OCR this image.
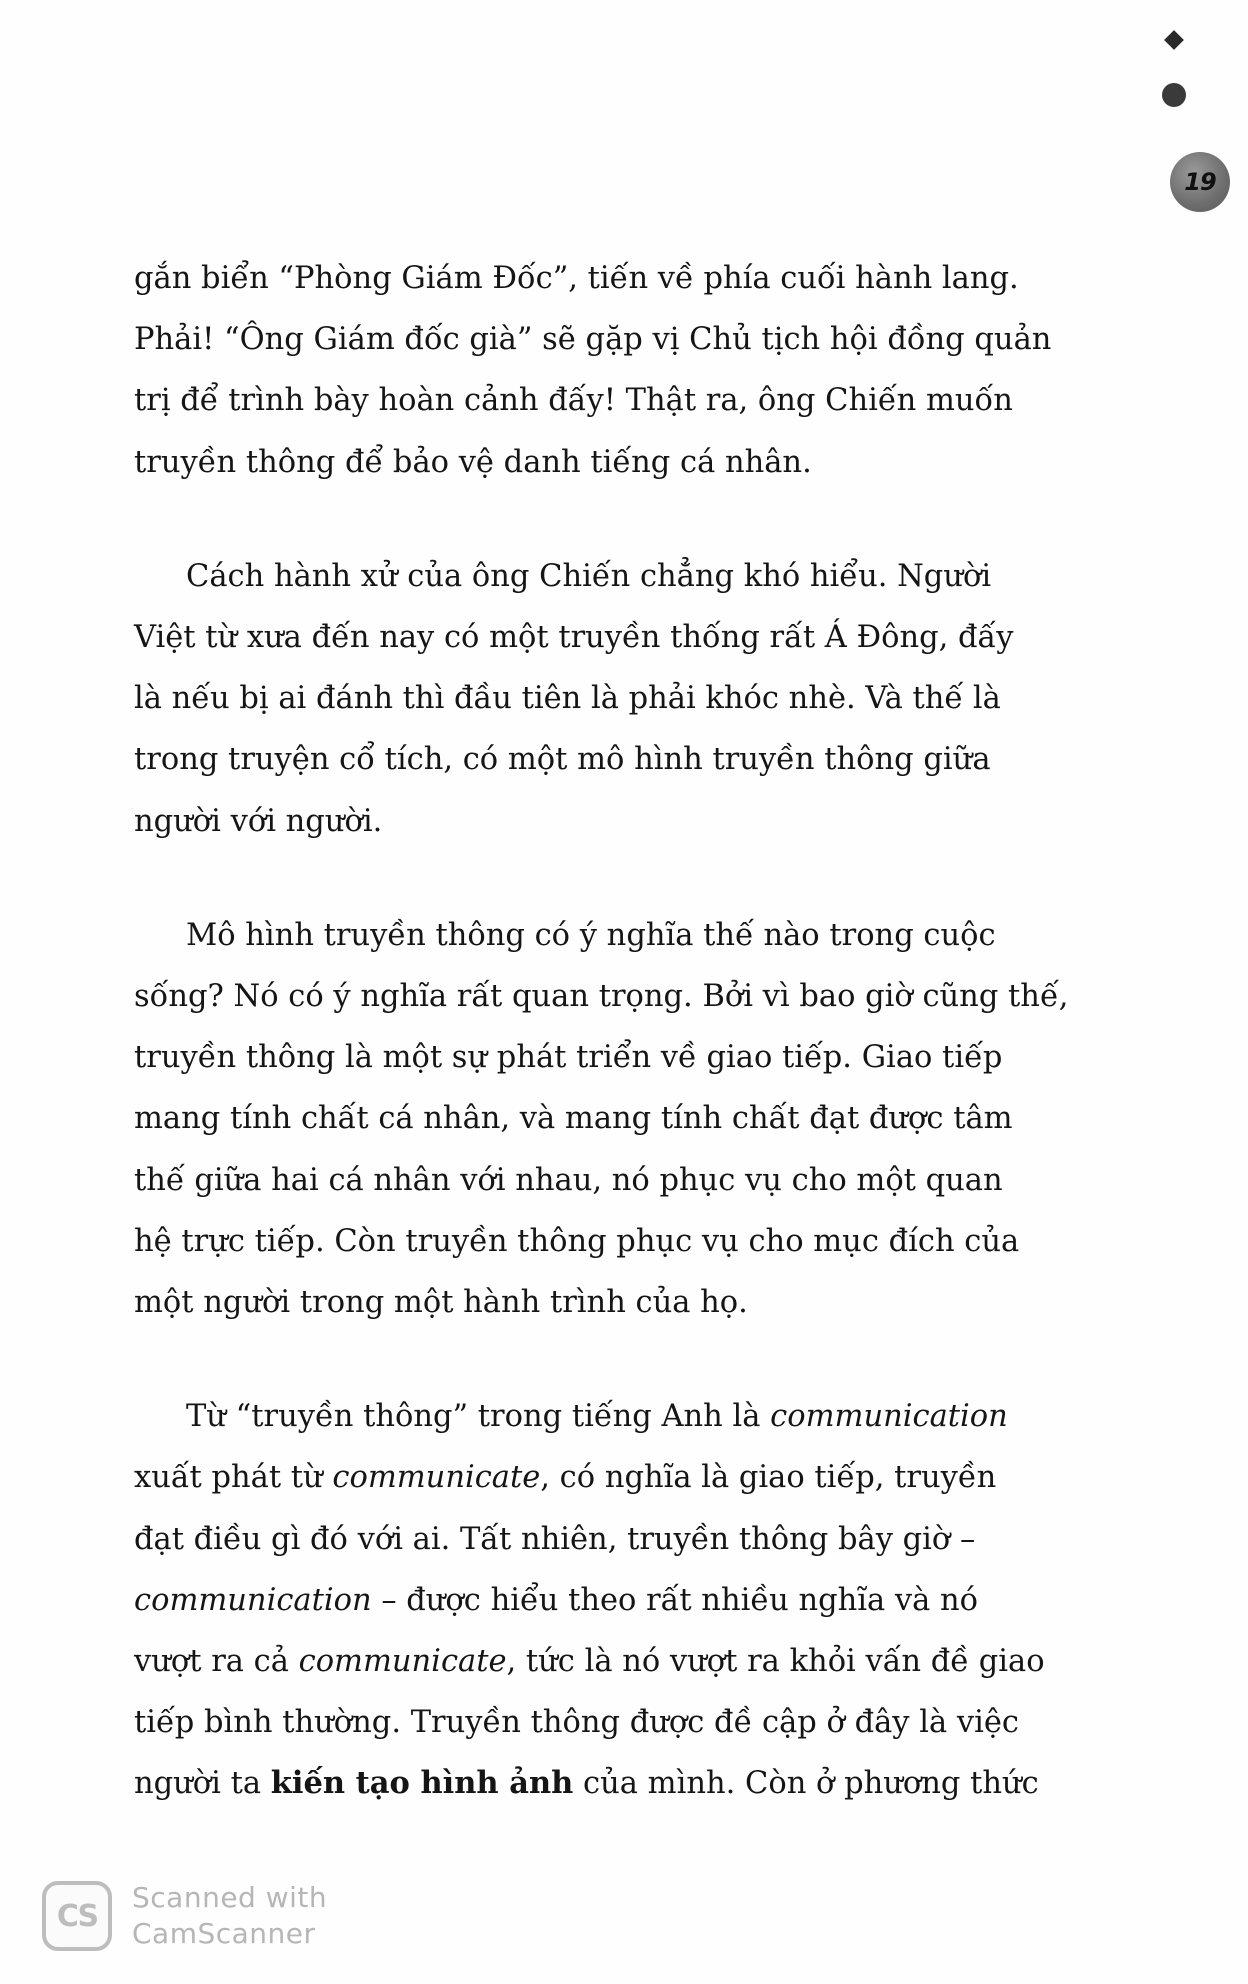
19

gắn biển “Phòng Giám Đốc”, tiến về phía cuối hành lang.
Phải! “Ông Giám đốc già” sẽ gặp vị Chủ tịch hội đồng quản
trị để trình bày hoàn cảnh đấy! Thật ra, ông Chiến muốn
truyền thông để bảo vệ danh tiếng cá nhân.

Cách hành xử của ông Chiến chẳng khó hiểu. Người
Việt từ xưa đến nay có một truyền thống rất Á Đông, đấy
là nếu bị ai đánh thì đầu tiên là phải khóc nhè. Và thế là
trong truyện cổ tích, có một mô hình truyền thông giữa
người với người.

Mô hình truyền thông có ý nghĩa thế nào trong cuộc
sống? Nó có ý nghĩa rất quan trọng. Bởi vì bao giờ cũng thế,
truyền thông là một sự phát triển về giao tiếp. Giao tiếp
mang tính chất cá nhân, và mang tính chất đạt được tâm
thế giữa hai cá nhân với nhau, nó phục vụ cho một quan
hệ trực tiếp. Còn truyền thông phục vụ cho mục đích của
một người trong một hành trình của họ.

Từ “truyền thông” trong tiếng Anh là communication
xuất phát từ communicate, có nghĩa là giao tiếp, truyền
đạt điều gì đó với ai. Tất nhiên, truyền thông bây giờ –
communication – được hiểu theo rất nhiều nghĩa và nó
vượt ra cả communicate, tức là nó vượt ra khỏi vấn đề giao
tiếp bình thường. Truyền thông được đề cập ở đây là việc
người ta kiến tạo hình ảnh của mình. Còn ở phương thức

CS
Scanned with
CamScanner
